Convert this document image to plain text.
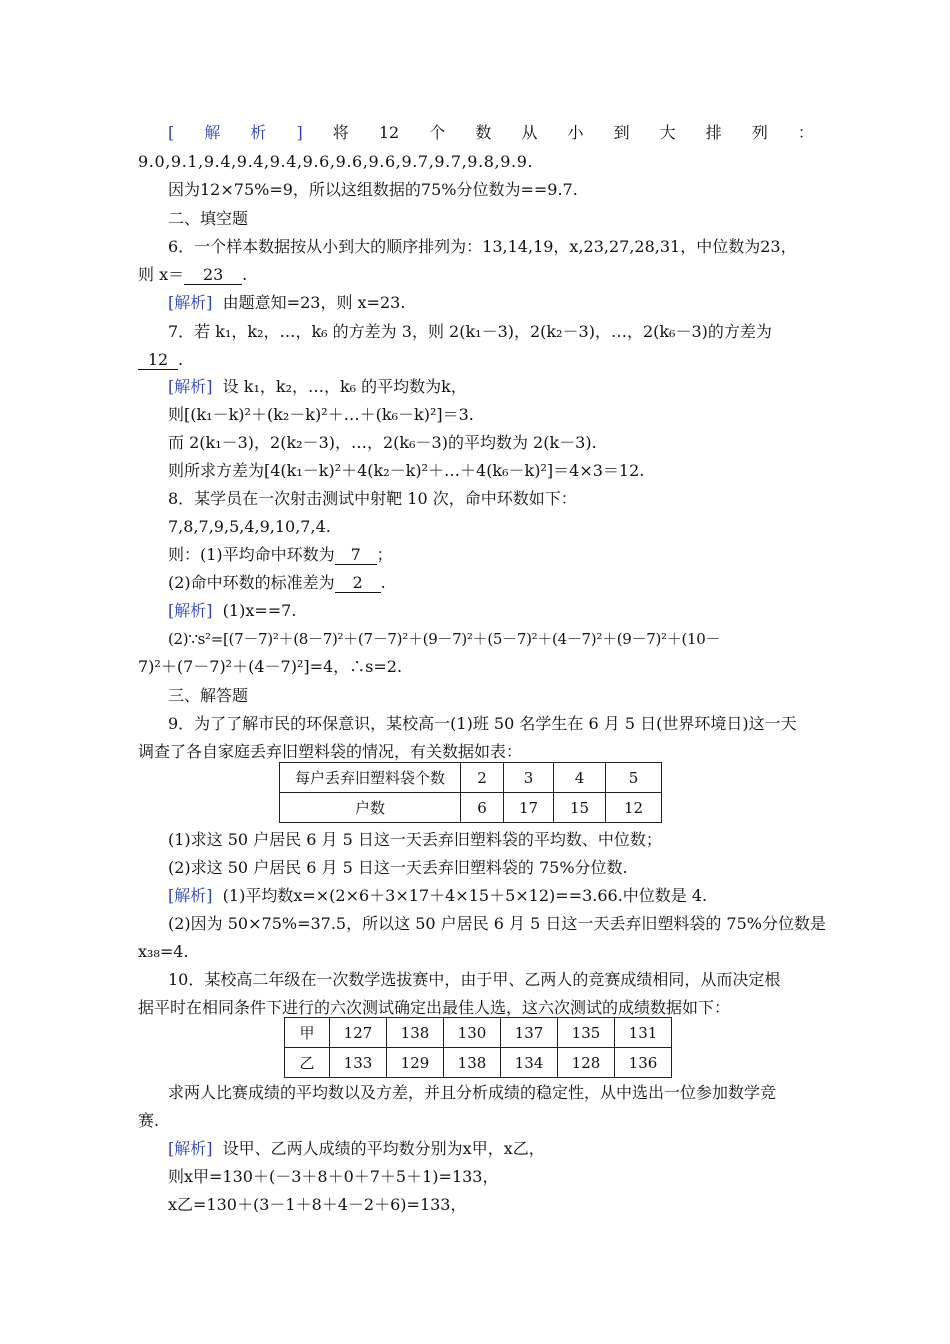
[ 解 析 ] 将 12 个 数 从 小 到 大 排 列 ：
9.0,9.1,9.4,9.4,9.4,9.6,9.6,9.6,9.7,9.7,9.8,9.9.
因为12×75%=9，所以这组数据的75%分位数为==9.7.
二、填空题
6．一个样本数据按从小到大的顺序排列为：13,14,19，x,23,27,28,31，中位数为23，
则 x＝ 23 .
[解析] 由题意知=23，则 x=23.
7．若 k₁，k₂，…，k₆ 的方差为 3，则 2(k₁－3)，2(k₂－3)，…，2(k₆－3)的方差为
12 .
[解析] 设 k₁，k₂，…，k₆ 的平均数为k，
则[(k₁－k)²＋(k₂－k)²＋…＋(k₆－k)²]＝3.
而 2(k₁－3)，2(k₂－3)，…，2(k₆－3)的平均数为 2(k－3).
则所求方差为[4(k₁－k)²＋4(k₂－k)²＋…＋4(k₆－k)²]＝4×3＝12.
8．某学员在一次射击测试中射靶 10 次，命中环数如下：
7,8,7,9,5,4,9,10,7,4.
则：(1)平均命中环数为 7 ；
(2)命中环数的标准差为 2 .
[解析] (1)x==7.
(2)∵s²=[(7－7)²＋(8－7)²＋(7－7)²＋(9－7)²＋(5－7)²＋(4－7)²＋(9－7)²＋(10－
7)²＋(7－7)²＋(4－7)²]=4，∴s=2.
三、解答题
9．为了了解市民的环保意识，某校高一(1)班 50 名学生在 6 月 5 日(世界环境日)这一天
调查了各自家庭丢弃旧塑料袋的情况，有关数据如表：
每户丢弃旧塑料袋个数	2	3	4	5
户数	6	17	15	12
(1)求这 50 户居民 6 月 5 日这一天丢弃旧塑料袋的平均数、中位数；
(2)求这 50 户居民 6 月 5 日这一天丢弃旧塑料袋的 75%分位数.
[解析] (1)平均数x=×(2×6＋3×17＋4×15＋5×12)==3.66.中位数是 4.
(2)因为 50×75%=37.5，所以这 50 户居民 6 月 5 日这一天丢弃旧塑料袋的 75%分位数是
x₃₈=4.
10．某校高二年级在一次数学选拔赛中，由于甲、乙两人的竞赛成绩相同，从而决定根
据平时在相同条件下进行的六次测试确定出最佳人选，这六次测试的成绩数据如下：
甲	127	138	130	137	135	131
乙	133	129	138	134	128	136
求两人比赛成绩的平均数以及方差，并且分析成绩的稳定性，从中选出一位参加数学竞
赛.
[解析] 设甲、乙两人成绩的平均数分别为x甲，x乙，
则x甲=130＋(－3＋8＋0＋7＋5＋1)=133，
x乙=130＋(3－1＋8＋4－2＋6)=133，
